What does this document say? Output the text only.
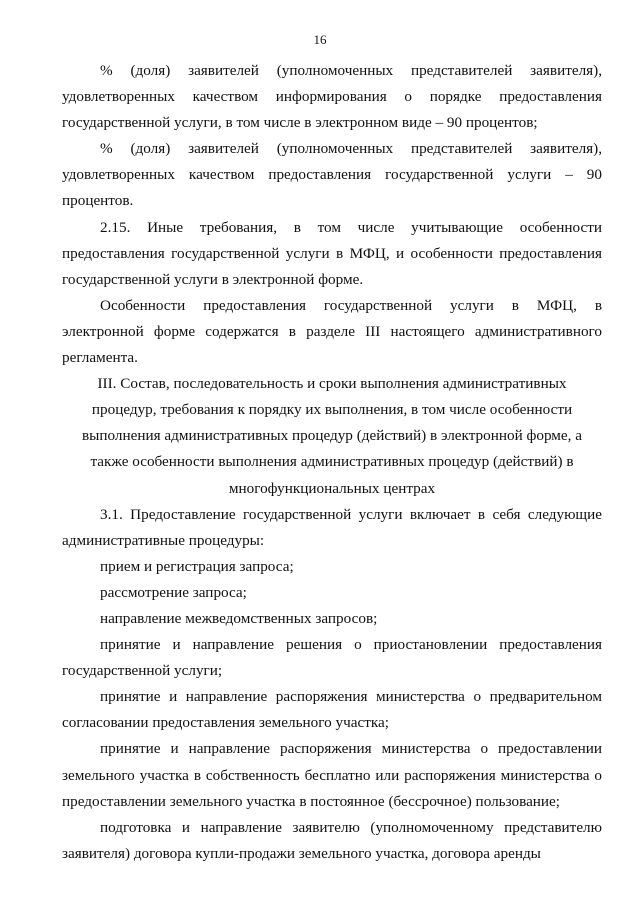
16

% (доля) заявителей (уполномоченных представителей заявителя), удовлетворенных качеством информирования о порядке предоставления государственной услуги, в том числе в электронном виде – 90 процентов;

% (доля) заявителей (уполномоченных представителей заявителя), удовлетворенных качеством предоставления государственной услуги – 90 процентов.

2.15. Иные требования, в том числе учитывающие особенности предоставления государственной услуги в МФЦ, и особенности предоставления государственной услуги в электронной форме.

Особенности предоставления государственной услуги в МФЦ, в электронной форме содержатся в разделе III настоящего административного регламента.

III. Состав, последовательность и сроки выполнения административных процедур, требования к порядку их выполнения, в том числе особенности выполнения административных процедур (действий) в электронной форме, а также особенности выполнения административных процедур (действий) в многофункциональных центрах

3.1. Предоставление государственной услуги включает в себя следующие административные процедуры:

прием и регистрация запроса;

рассмотрение запроса;

направление межведомственных запросов;

принятие и направление решения о приостановлении предоставления государственной услуги;

принятие и направление распоряжения министерства о предварительном согласовании предоставления земельного участка;

принятие и направление распоряжения министерства о предоставлении земельного участка в собственность бесплатно или распоряжения министерства о предоставлении земельного участка в постоянное (бессрочное) пользование;

подготовка и направление заявителю (уполномоченному представителю заявителя) договора купли-продажи земельного участка, договора аренды
